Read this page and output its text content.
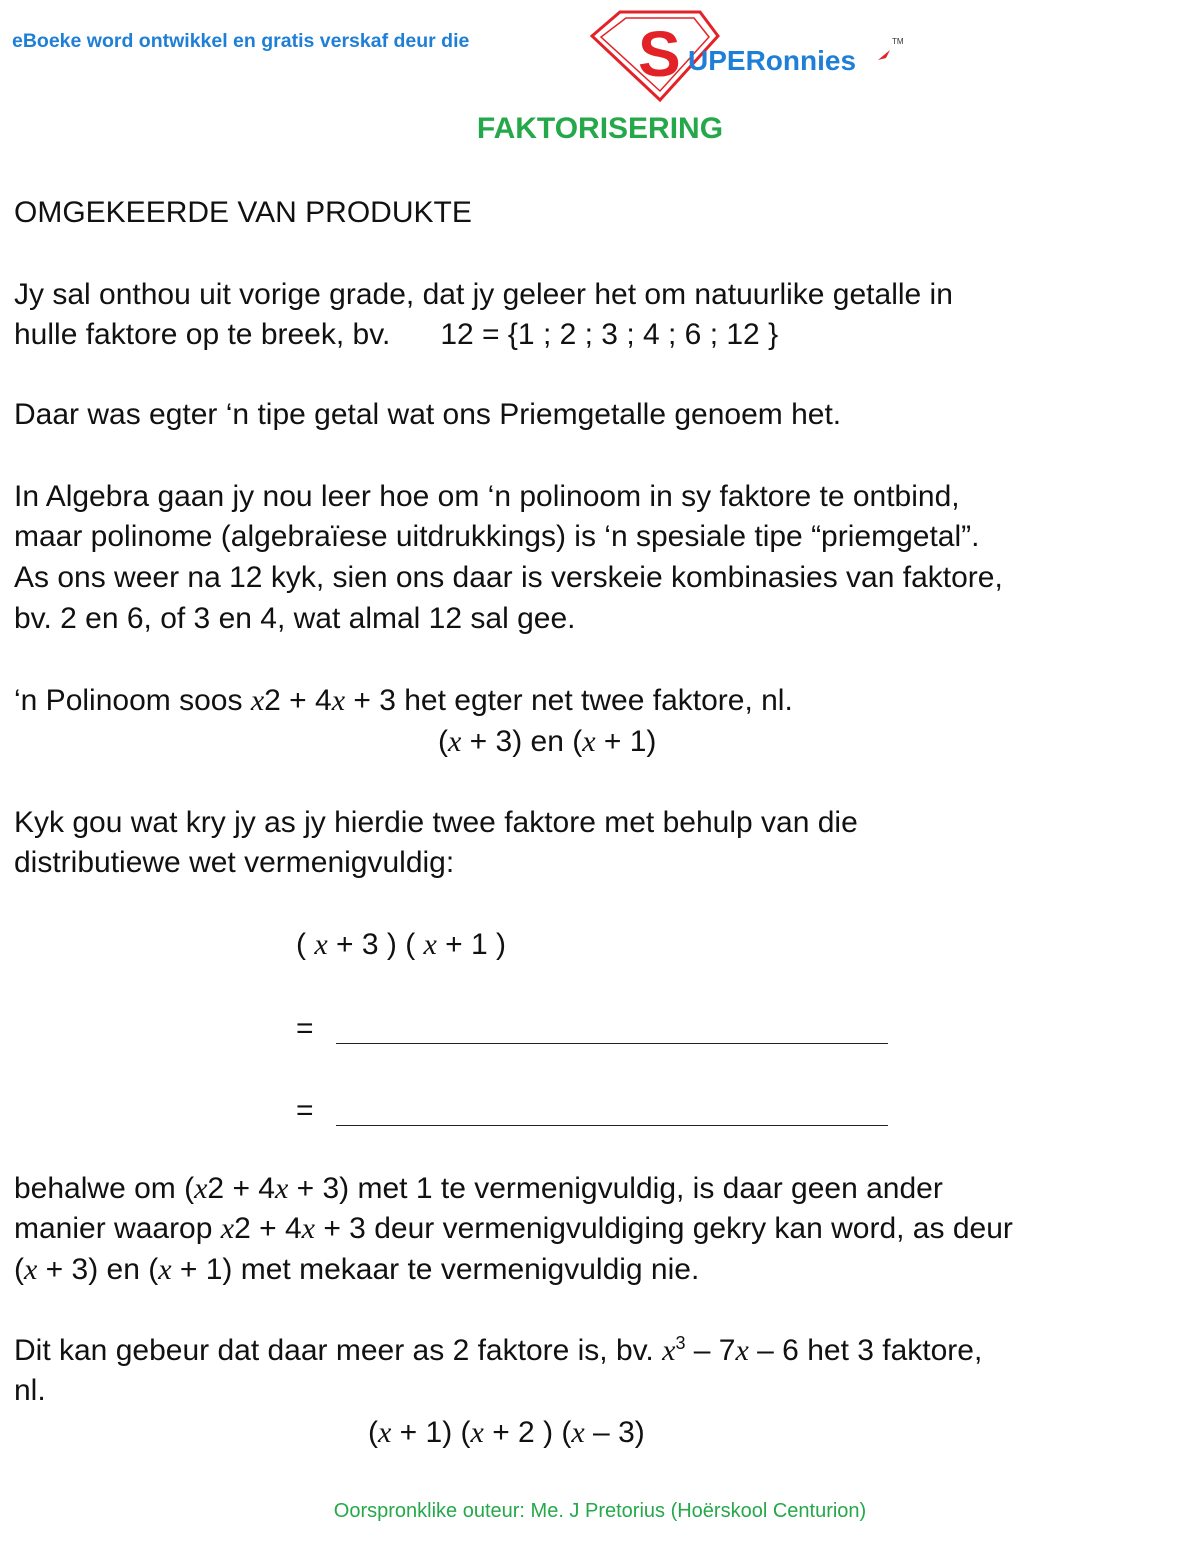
eBoeke word ontwikkel en gratis verskaf deur die	S UPERonnies
TM
FAKTORISERING
OMGEKEERDE VAN PRODUKTE
Jy sal onthou uit vorige grade, dat jy geleer het om natuurlike getalle in
hulle faktore op te breek, bv. 12 = {1 ; 2 ; 3 ; 4 ; 6 ; 12 }
Daar was egter ‘n tipe getal wat ons Priemgetalle genoem het.
In Algebra gaan jy nou leer hoe om ‘n polinoom in sy faktore te ontbind,
maar polinome (algebraïese uitdrukkings) is ‘n spesiale tipe “priemgetal”.
As ons weer na 12 kyk, sien ons daar is verskeie kombinasies van faktore,
bv. 2 en 6, of 3 en 4, wat almal 12 sal gee.
‘n Polinoom soos x2 + 4x + 3 het egter net twee faktore, nl.
(x + 3) en (x + 1)
Kyk gou wat kry jy as jy hierdie twee faktore met behulp van die
distributiewe wet vermenigvuldig:
( x + 3 ) ( x + 1 )
=
=
behalwe om (x2 + 4x + 3) met 1 te vermenigvuldig, is daar geen ander
manier waarop x2 + 4x + 3 deur vermenigvuldiging gekry kan word, as deur
(x + 3) en (x + 1) met mekaar te vermenigvuldig nie.
Dit kan gebeur dat daar meer as 2 faktore is, bv. $x^3 - 7x - 6$ het 3 faktore,
nl.
(x + 1) (x + 2 ) (x – 3)
Oorspronklike outeur: Me. J Pretorius (Hoërskool Centurion)
